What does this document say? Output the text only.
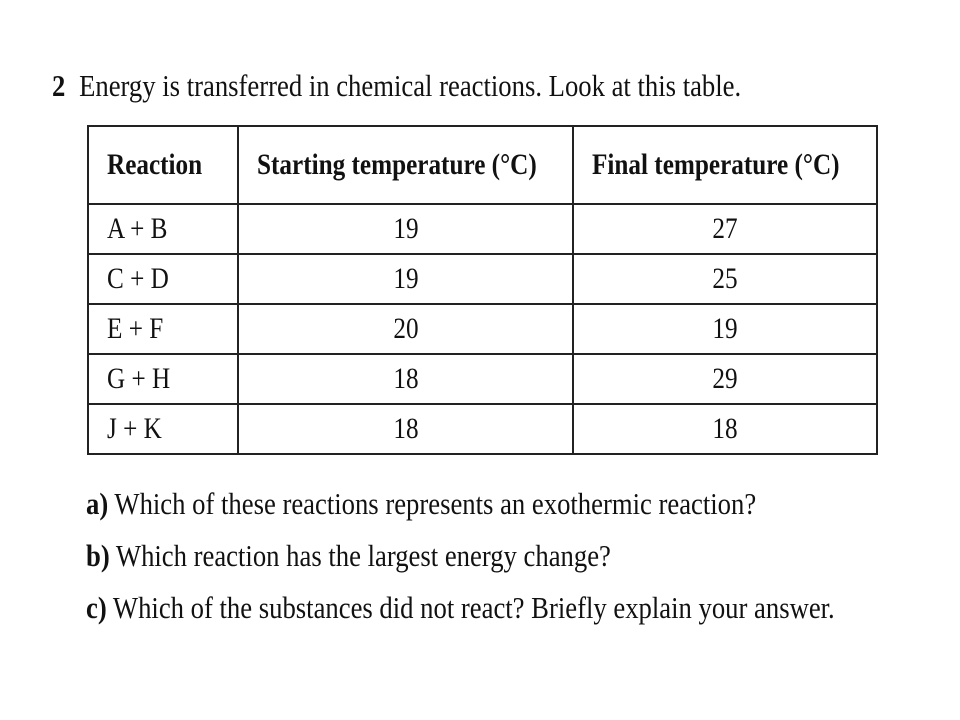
2 Energy is transferred in chemical reactions. Look at this table.
Reaction	Starting temperature (°C)	Final temperature (°C)
A + B	19	27
C + D	19	25
E + F	20	19
G + H	18	29
J + K	18	18
a) Which of these reactions represents an exothermic reaction?
b) Which reaction has the largest energy change?
c) Which of the substances did not react? Briefly explain your answer.
